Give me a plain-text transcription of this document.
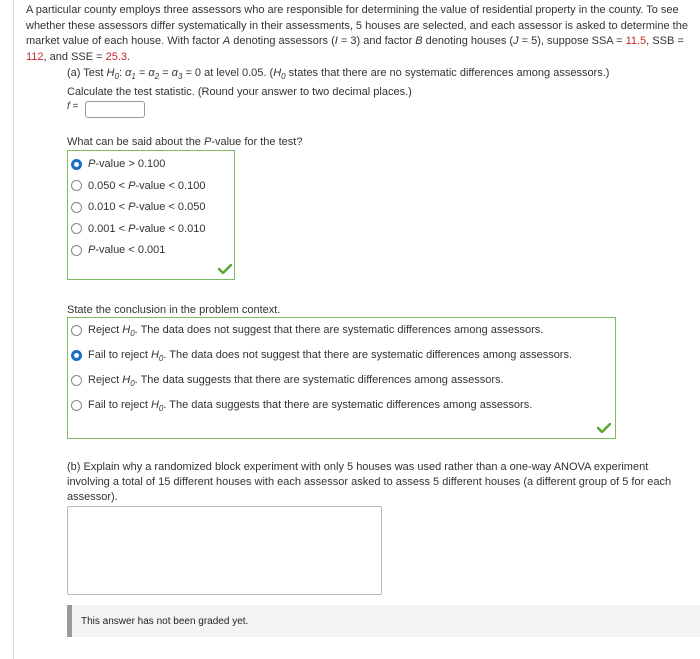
A particular county employs three assessors who are responsible for determining the value of residential property in the county. To see whether these assessors differ systematically in their assessments, 5 houses are selected, and each assessor is asked to determine the market value of each house. With factor A denoting assessors (I = 3) and factor B denoting houses (J = 5), suppose SSA = 11.5, SSB = 112, and SSE = 25.3.
(a) Test $H_0$: $\alpha_1 = \alpha_2 = \alpha_3 = 0$ at level 0.05. ($H_0$ states that there are no systematic differences among assessors.)
Calculate the test statistic. (Round your answer to two decimal places.)
f =
What can be said about the P-value for the test?
P-value > 0.100
0.050 < P-value < 0.100
0.010 < P-value < 0.050
0.001 < P-value < 0.010
P-value < 0.001
State the conclusion in the problem context.
Reject $H_0$. The data does not suggest that there are systematic differences among assessors.
Fail to reject $H_0$. The data does not suggest that there are systematic differences among assessors.
Reject $H_0$. The data suggests that there are systematic differences among assessors.
Fail to reject $H_0$. The data suggests that there are systematic differences among assessors.
(b) Explain why a randomized block experiment with only 5 houses was used rather than a one-way ANOVA experiment involving a total of 15 different houses with each assessor asked to assess 5 different houses (a different group of 5 for each assessor).
This answer has not been graded yet.
